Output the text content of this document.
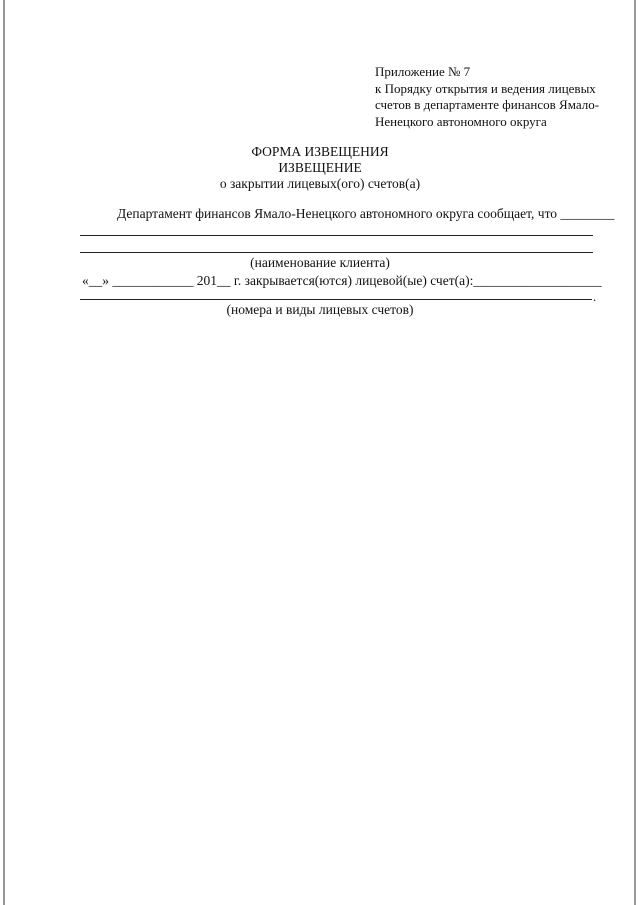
Приложение № 7
к Порядку открытия и ведения лицевых
счетов в департаменте финансов Ямало-
Ненецкого автономного округа
ФОРМА ИЗВЕЩЕНИЯ
ИЗВЕЩЕНИЕ
о закрытии лицевых(ого) счетов(а)
Департамент финансов Ямало-Ненецкого автономного округа сообщает, что ________
(наименование клиента)
«__» ____________ 201__ г. закрывается(ются) лицевой(ые) счет(а):___________________
.
(номера и виды лицевых счетов)
